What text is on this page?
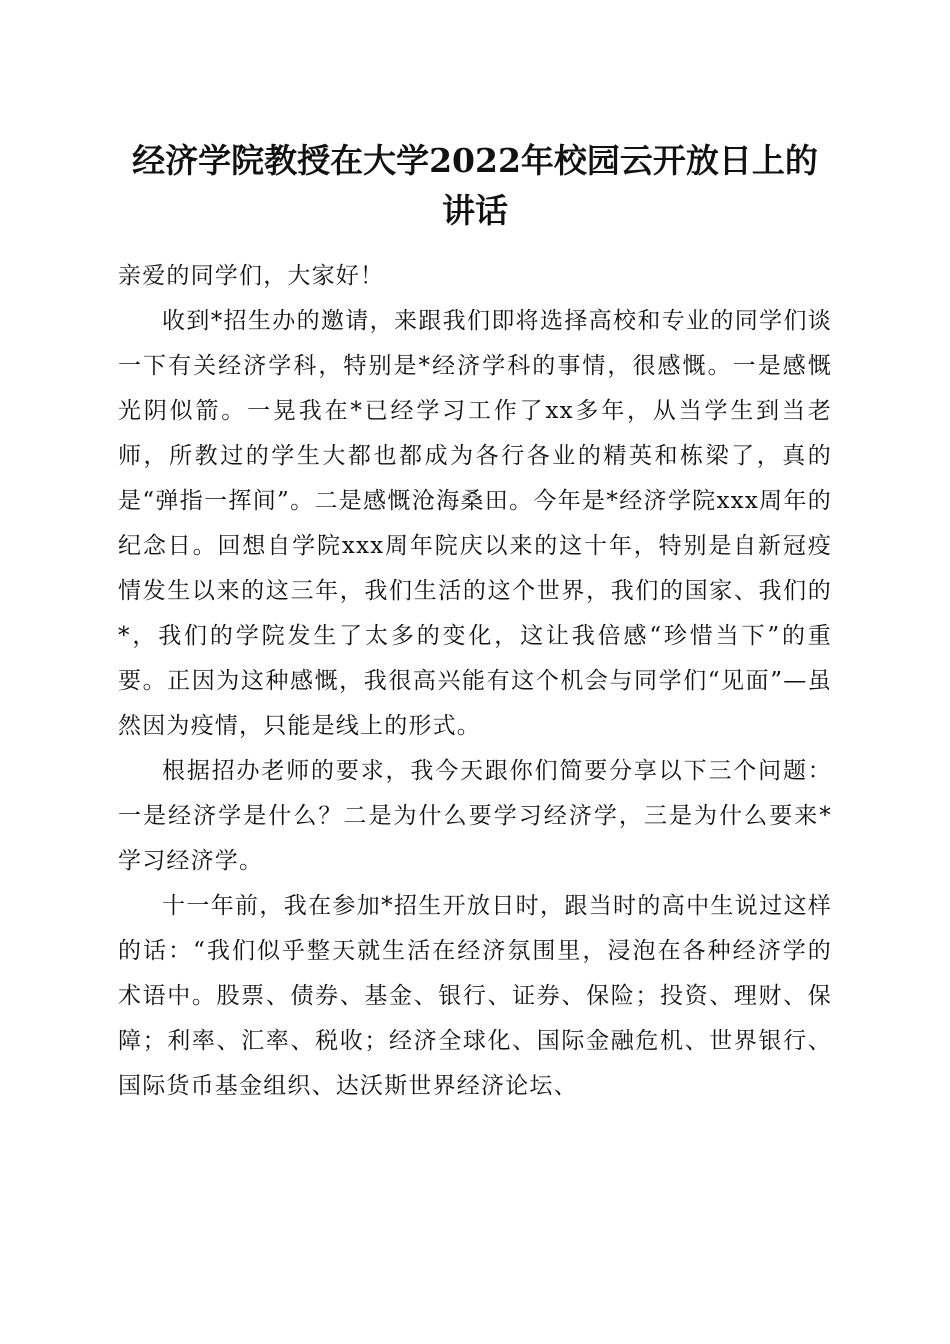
经济学院教授在大学2022年校园云开放日上的讲话

亲爱的同学们，大家好！

收到*招生办的邀请，来跟我们即将选择高校和专业的同学们谈一下有关经济学科，特别是*经济学科的事情，很感慨。一是感慨光阴似箭。一晃我在*已经学习工作了xx多年，从当学生到当老师，所教过的学生大都也都成为各行各业的精英和栋梁了，真的是“弹指一挥间”。二是感慨沧海桑田。今年是*经济学院xxx周年的纪念日。回想自学院xxx周年院庆以来的这十年，特别是自新冠疫情发生以来的这三年，我们生活的这个世界，我们的国家、我们的*，我们的学院发生了太多的变化，这让我倍感“珍惜当下”的重要。正因为这种感慨，我很高兴能有这个机会与同学们“见面”—虽然因为疫情，只能是线上的形式。

根据招办老师的要求，我今天跟你们简要分享以下三个问题：一是经济学是什么？二是为什么要学习经济学，三是为什么要来*学习经济学。

十一年前，我在参加*招生开放日时，跟当时的高中生说过这样的话：“我们似乎整天就生活在经济氛围里，浸泡在各种经济学的术语中。股票、债券、基金、银行、证券、保险；投资、理财、保障；利率、汇率、税收；经济全球化、国际金融危机、世界银行、国际货币基金组织、达沃斯世界经济论坛、
